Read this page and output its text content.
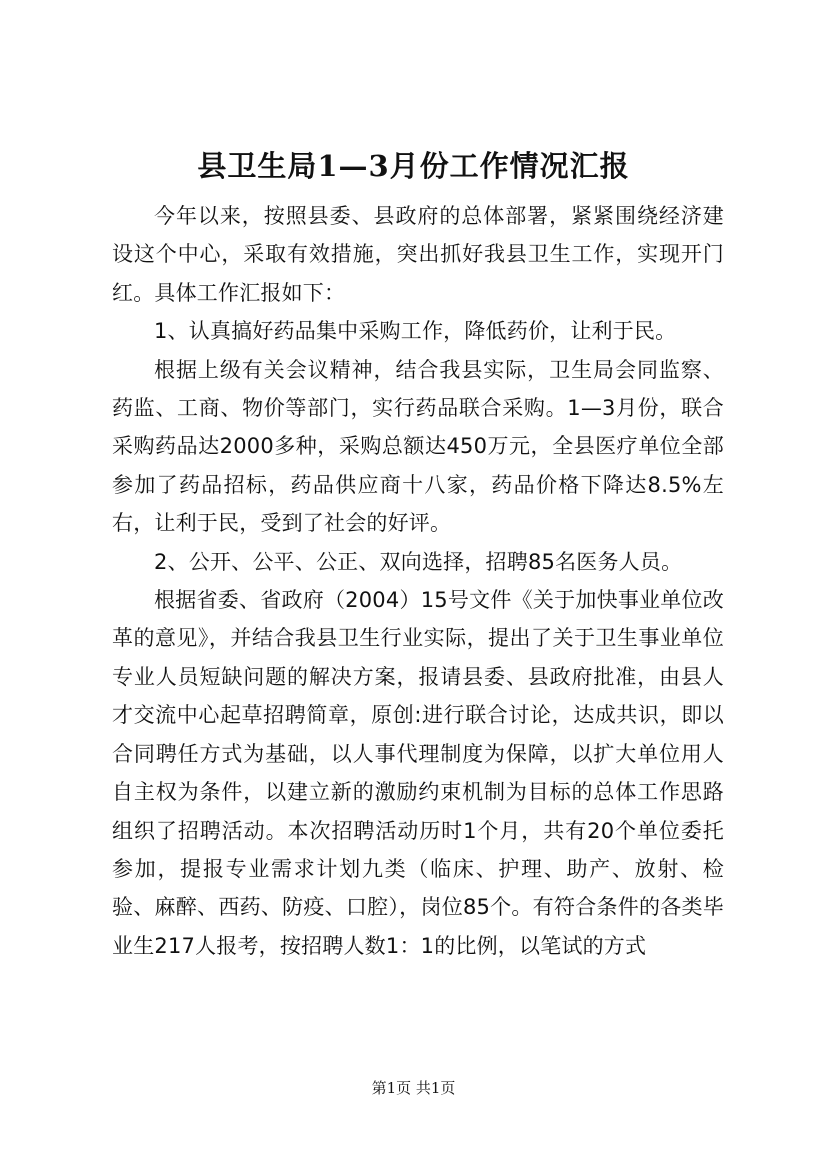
县卫生局1—3月份工作情况汇报

今年以来，按照县委、县政府的总体部署，紧紧围绕经济建设这个中心，采取有效措施，突出抓好我县卫生工作，实现开门红。具体工作汇报如下：

1、认真搞好药品集中采购工作，降低药价，让利于民。

根据上级有关会议精神，结合我县实际，卫生局会同监察、药监、工商、物价等部门，实行药品联合采购。1—3月份，联合采购药品达2000多种，采购总额达450万元，全县医疗单位全部参加了药品招标，药品供应商十八家，药品价格下降达8.5%左右，让利于民，受到了社会的好评。

2、公开、公平、公正、双向选择，招聘85名医务人员。

根据省委、省政府（2004）15号文件《关于加快事业单位改革的意见》，并结合我县卫生行业实际，提出了关于卫生事业单位专业人员短缺问题的解决方案，报请县委、县政府批准，由县人才交流中心起草招聘简章，原创:进行联合讨论，达成共识，即以合同聘任方式为基础，以人事代理制度为保障，以扩大单位用人自主权为条件，以建立新的激励约束机制为目标的总体工作思路组织了招聘活动。本次招聘活动历时1个月，共有20个单位委托参加，提报专业需求计划九类（临床、护理、助产、放射、检验、麻醉、西药、防疫、口腔），岗位85个。有符合条件的各类毕业生217人报考，按招聘人数1：1的比例，以笔试的方式

第1页 共1页
